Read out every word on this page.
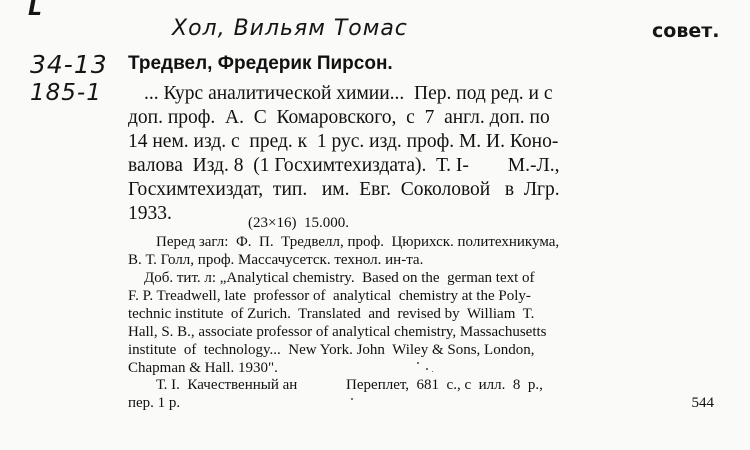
L
Хол, Вильям Томас	совет.
34-13
185-1
Тредвел, Фредерик Пирсон.
... Курс аналитической химии...  Пер. под ред. и с
доп. проф.  А.  С  Комаровского,  с  7  англ. доп. по
14 нем. изд. с  пред. к  1 рус. изд. проф. М. И. Коно-
валова  Изд. 8  (1 Госхимтехиздата).  Т. I-        М.-Л.,
Госхимтехиздат,  тип.   им.  Евг.  Соколовой   в  Лгр.
1933.	(23×16)  15.000.
Перед загл:  Ф.  П.  Тредвелл, проф.  Цюрихск. политехникума,
В. Т. Голл, проф. Массачусетск. технол. ин-та.
Доб. тит. л: „Analytical chemistry.  Based on the  german text of
F. P. Treadwell, late  professor of  analytical  chemistry at the Poly-
technic institute  of Zurich.  Translated  and  revised by  William  T.
Hall, S. B., associate professor of analytical chemistry, Massachusetts
institute  of  technology...  New York. John  Wiley & Sons, London,
Chapman & Hall. 1930".
Т. I.  Качественный ан             Переплет,  681  с., с  илл.  8  р.,
пер. 1 р.	544
